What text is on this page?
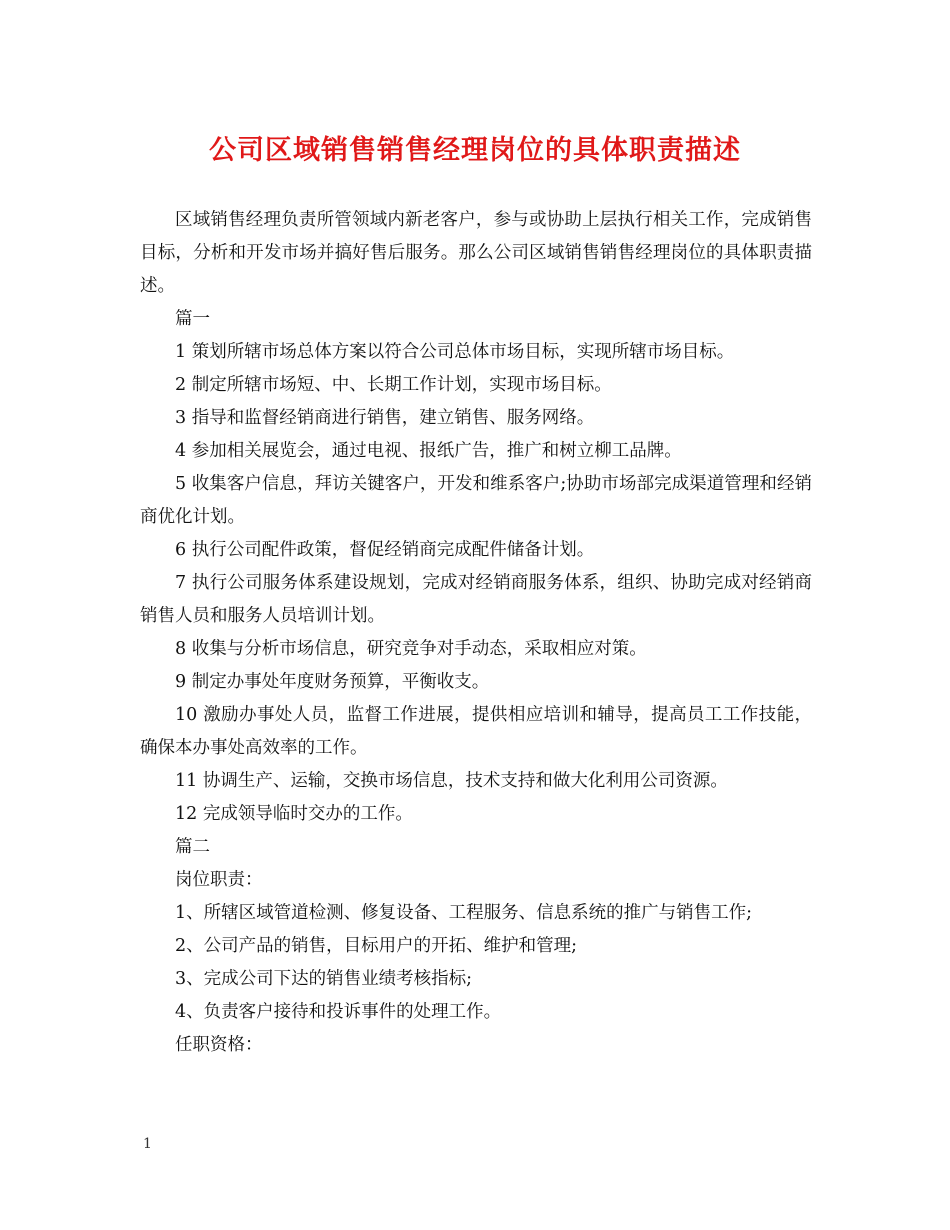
公司区域销售销售经理岗位的具体职责描述

区域销售经理负责所管领域内新老客户，参与或协助上层执行相关工作，完成销售目标，分析和开发市场并搞好售后服务。那么公司区域销售销售经理岗位的具体职责描述。

篇一

1 策划所辖市场总体方案以符合公司总体市场目标，实现所辖市场目标。

2 制定所辖市场短、中、长期工作计划，实现市场目标。

3 指导和监督经销商进行销售，建立销售、服务网络。

4 参加相关展览会，通过电视、报纸广告，推广和树立柳工品牌。

5 收集客户信息，拜访关键客户，开发和维系客户;协助市场部完成渠道管理和经销商优化计划。

6 执行公司配件政策，督促经销商完成配件储备计划。

7 执行公司服务体系建设规划，完成对经销商服务体系，组织、协助完成对经销商销售人员和服务人员培训计划。

8 收集与分析市场信息，研究竞争对手动态，采取相应对策。

9 制定办事处年度财务预算，平衡收支。

10 激励办事处人员，监督工作进展，提供相应培训和辅导，提高员工工作技能，确保本办事处高效率的工作。

11 协调生产、运输，交换市场信息，技术支持和做大化利用公司资源。

12 完成领导临时交办的工作。

篇二

岗位职责：

1、所辖区域管道检测、修复设备、工程服务、信息系统的推广与销售工作;

2、公司产品的销售，目标用户的开拓、维护和管理;

3、完成公司下达的销售业绩考核指标;

4、负责客户接待和投诉事件的处理工作。

任职资格：

1
